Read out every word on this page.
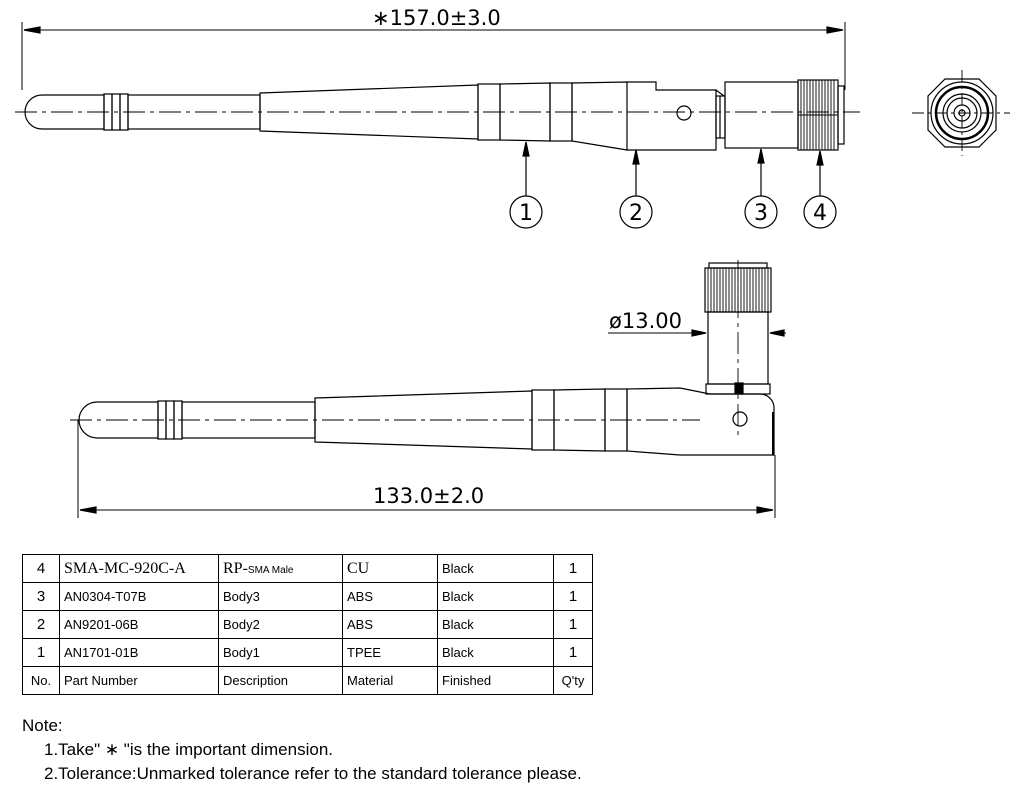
∗157.0±3.0
1	2	3 4
ø13.00
133.0±2.0
4	SMA-MC-920C-A	RP-SMA Male	CU	Black	1
3	AN0304-T07B	Body3	ABS	Black	1
2	AN9201-06B	Body2	ABS	Black	1
1	AN1701-01B	Body1	TPEE	Black	1
No.	Part Number	Description	Material	Finished	Q'ty
Note:
1.Take" ∗ "is the important dimension.
2.Tolerance:Unmarked tolerance refer to the standard tolerance please.
